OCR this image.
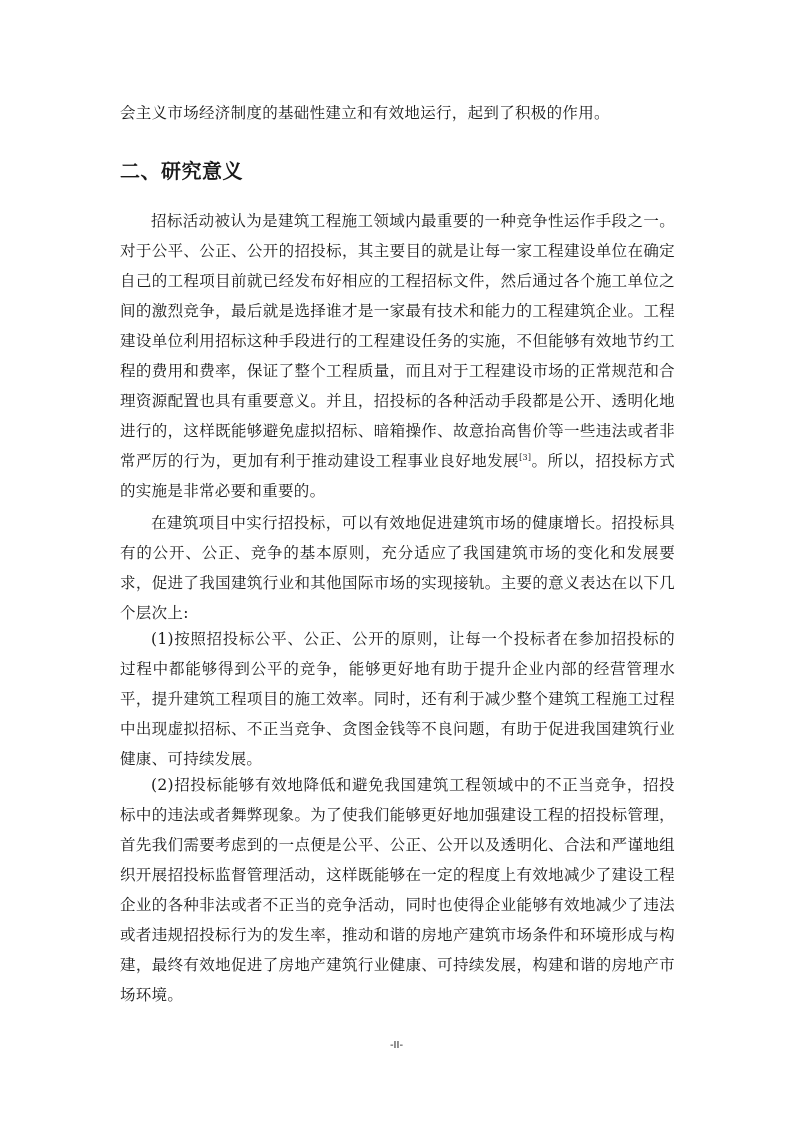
会主义市场经济制度的基础性建立和有效地运行，起到了积极的作用。

二、研究意义

招标活动被认为是建筑工程施工领域内最重要的一种竞争性运作手段之一。对于公平、公正、公开的招投标，其主要目的就是让每一家工程建设单位在确定自己的工程项目前就已经发布好相应的工程招标文件，然后通过各个施工单位之间的激烈竞争，最后就是选择谁才是一家最有技术和能力的工程建筑企业。工程建设单位利用招标这种手段进行的工程建设任务的实施，不但能够有效地节约工程的费用和费率，保证了整个工程质量，而且对于工程建设市场的正常规范和合理资源配置也具有重要意义。并且，招投标的各种活动手段都是公开、透明化地进行的，这样既能够避免虚拟招标、暗箱操作、故意抬高售价等一些违法或者非常严厉的行为，更加有利于推动建设工程事业良好地发展[3]。所以，招投标方式的实施是非常必要和重要的。

在建筑项目中实行招投标，可以有效地促进建筑市场的健康增长。招投标具有的公开、公正、竞争的基本原则，充分适应了我国建筑市场的变化和发展要求，促进了我国建筑行业和其他国际市场的实现接轨。主要的意义表达在以下几个层次上:

(1)按照招投标公平、公正、公开的原则，让每一个投标者在参加招投标的过程中都能够得到公平的竞争，能够更好地有助于提升企业内部的经营管理水平，提升建筑工程项目的施工效率。同时，还有利于减少整个建筑工程施工过程中出现虚拟招标、不正当竞争、贪图金钱等不良问题，有助于促进我国建筑行业健康、可持续发展。

(2)招投标能够有效地降低和避免我国建筑工程领域中的不正当竞争，招投标中的违法或者舞弊现象。为了使我们能够更好地加强建设工程的招投标管理，首先我们需要考虑到的一点便是公平、公正、公开以及透明化、合法和严谨地组织开展招投标监督管理活动，这样既能够在一定的程度上有效地减少了建设工程企业的各种非法或者不正当的竞争活动，同时也使得企业能够有效地减少了违法或者违规招投标行为的发生率，推动和谐的房地产建筑市场条件和环境形成与构建，最终有效地促进了房地产建筑行业健康、可持续发展，构建和谐的房地产市场环境。

-II-
